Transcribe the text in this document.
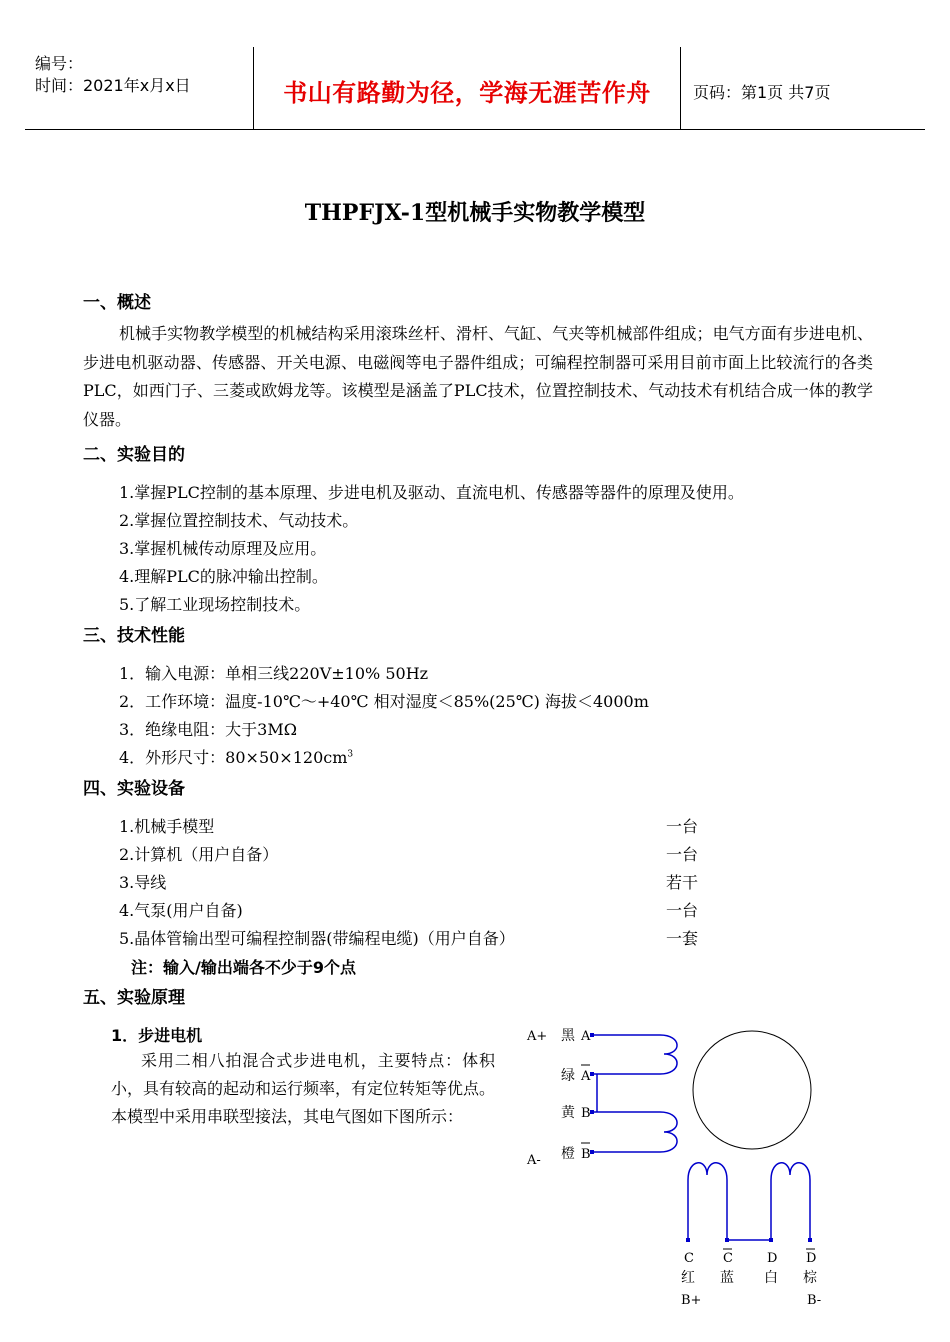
编号：
时间：2021年x月x日	书山有路勤为径，学海无涯苦作舟	页码：第1页 共7页
THPFJX-1型机械手实物教学模型
一、概述
机械手实物教学模型的机械结构采用滚珠丝杆、滑杆、气缸、气夹等机械部件组成；电气方面有步进电机、步进电机驱动器、传感器、开关电源、电磁阀等电子器件组成；可编程控制器可采用目前市面上比较流行的各类PLC，如西门子、三菱或欧姆龙等。该模型是涵盖了PLC技术，位置控制技术、气动技术有机结合成一体的教学仪器。
二、实验目的
1.掌握PLC控制的基本原理、步进电机及驱动、直流电机、传感器等器件的原理及使用。
2.掌握位置控制技术、气动技术。
3.掌握机械传动原理及应用。
4.理解PLC的脉冲输出控制。
5.了解工业现场控制技术。
三、技术性能
1．输入电源：单相三线220V±10% 50Hz
2．工作环境：温度-10℃～+40℃ 相对湿度＜85%(25℃) 海拔＜4000m
3．绝缘电阻：大于3MΩ
4．外形尺寸：$80\times 50\times 120cm^3$
四、实验设备
1.机械手模型	一台
2.计算机（用户自备）	一台
3.导线	若干
4.气泵(用户自备)	一台
5.晶体管输出型可编程控制器(带编程电缆)（用户自备）	一套
注：输入/输出端各不少于9个点
五、实验原理
1．步进电机
采用二相八拍混合式步进电机，主要特点：体积小，具有较高的起动和运行频率，有定位转矩等优点。本模型中采用串联型接法，其电气图如下图所示：
A+
A-
黑
绿
黄
橙
A
A
B
B
C C	D D
红 蓝 白 棕
B+	B-
